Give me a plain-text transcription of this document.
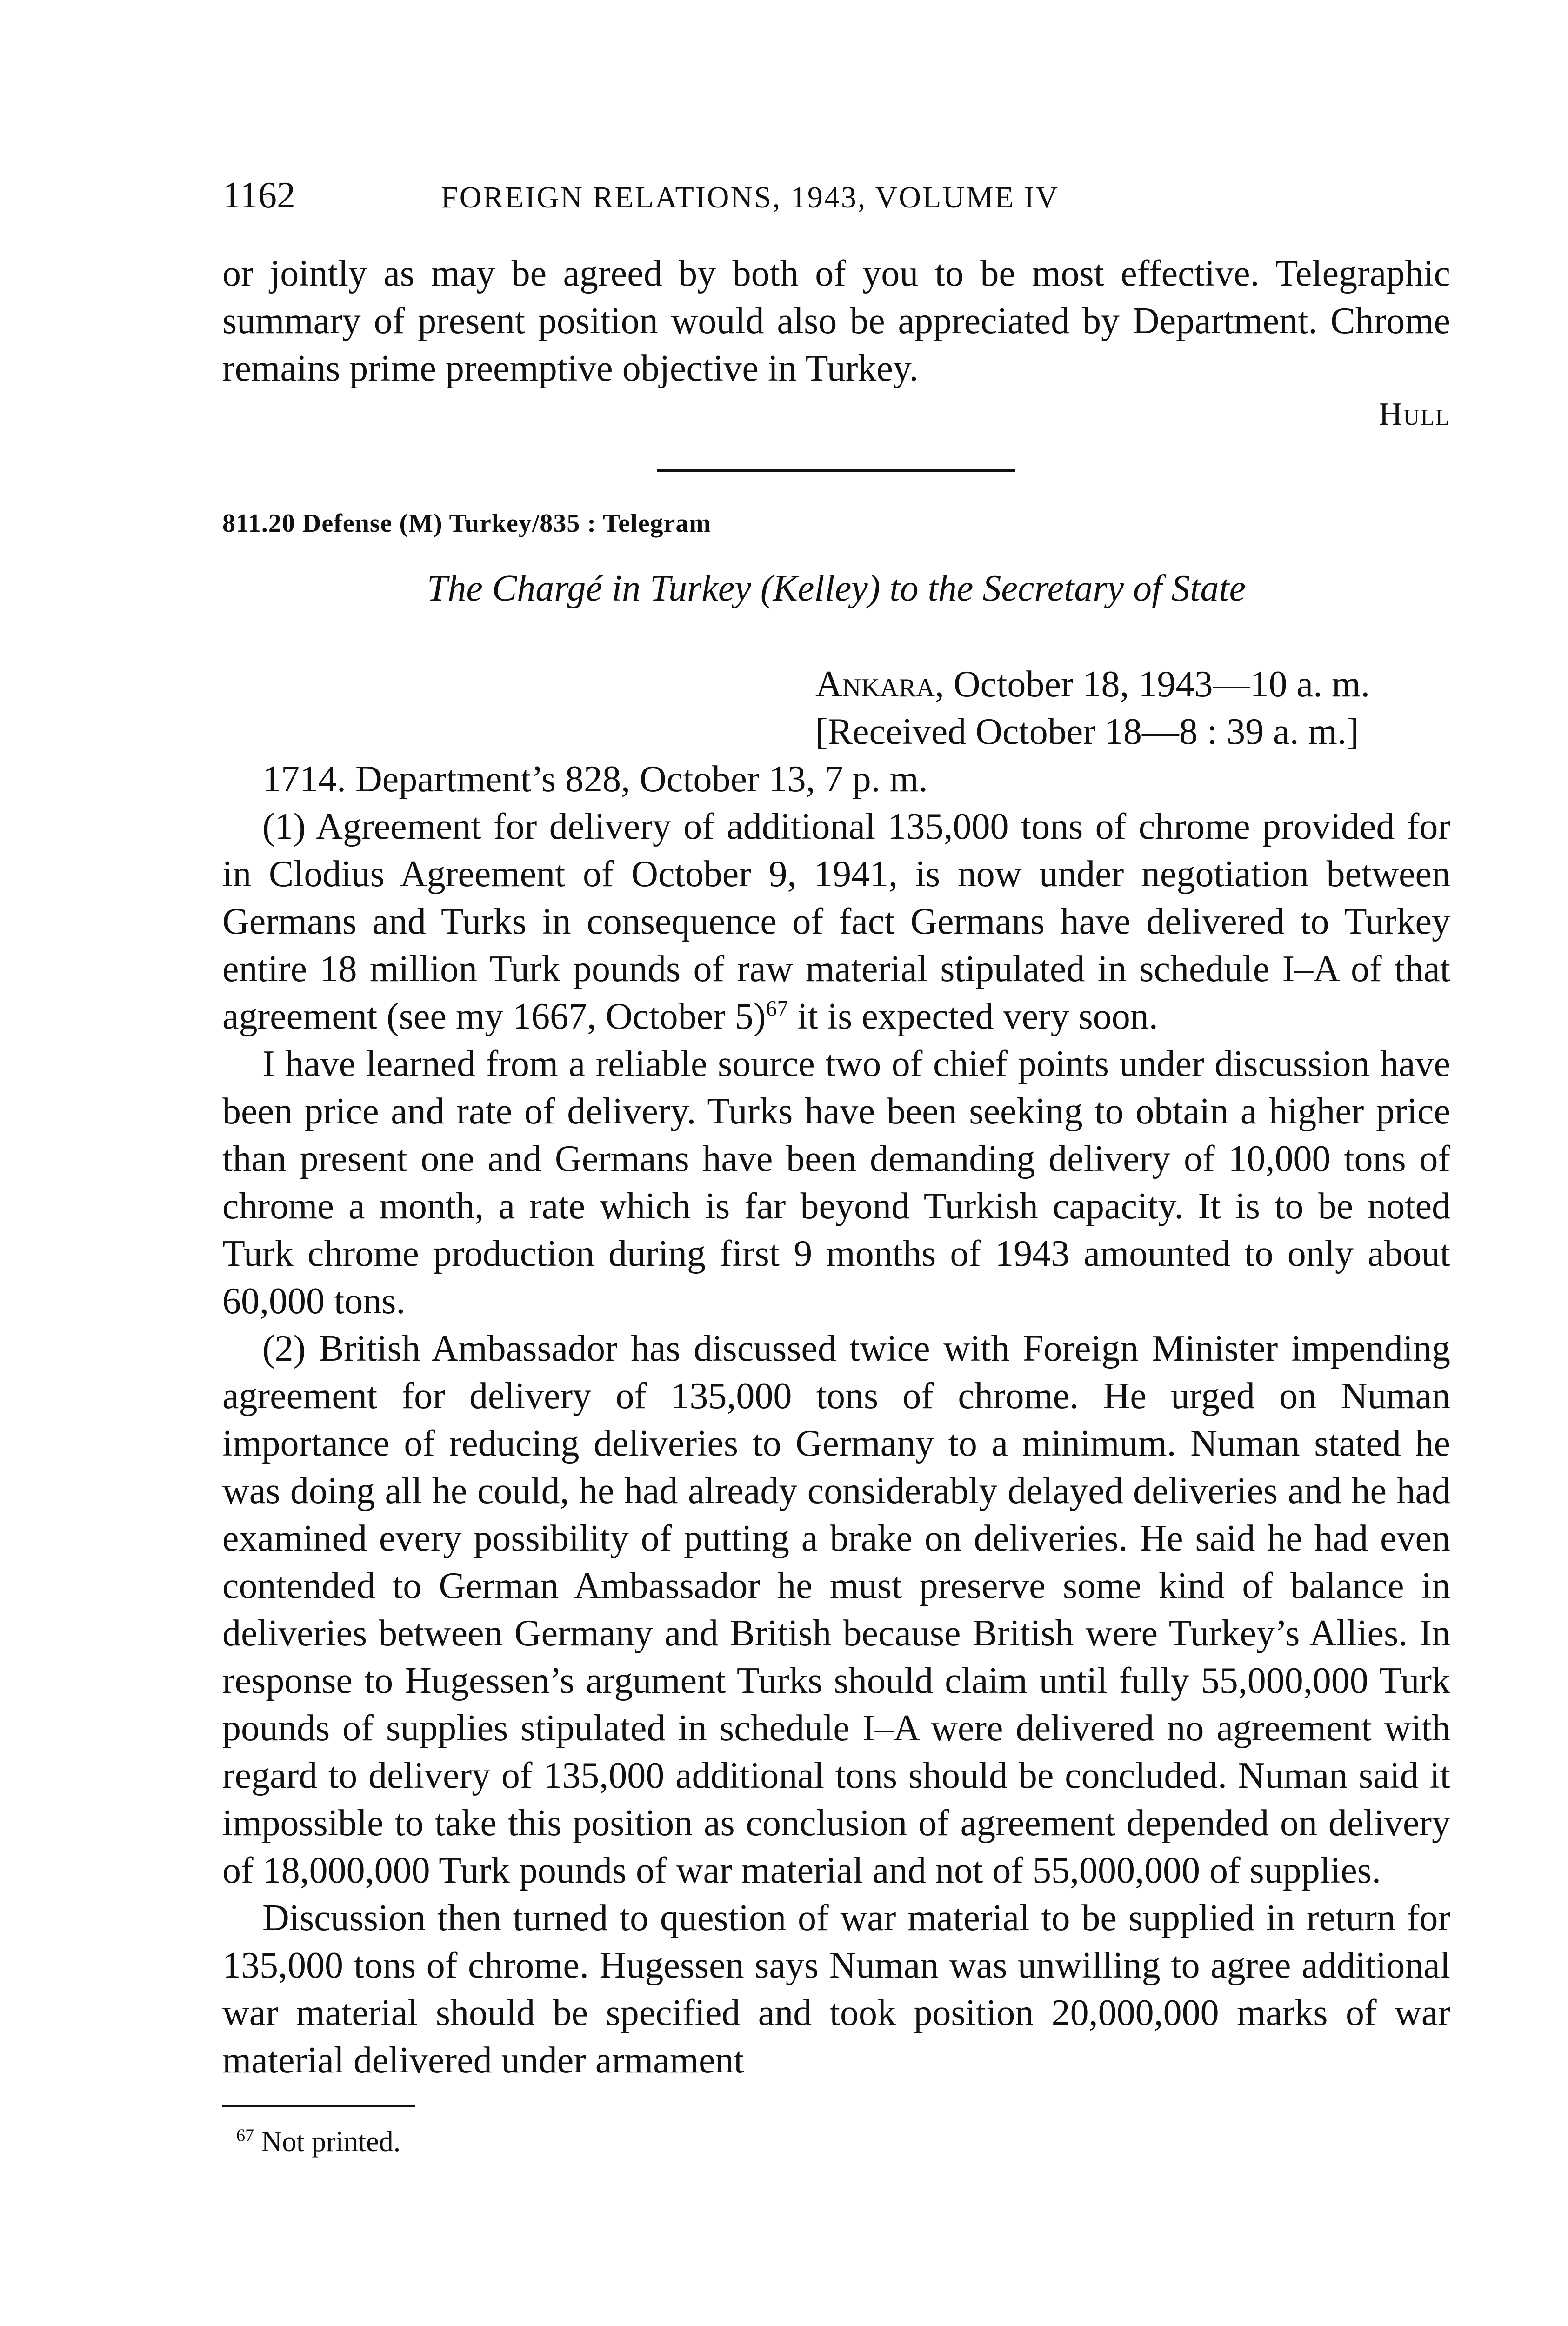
1162	FOREIGN RELATIONS, 1943, VOLUME IV

or jointly as may be agreed by both of you to be most effective. Telegraphic summary of present position would also be appreciated by Department. Chrome remains prime preemptive objective in Turkey.

Hull
811.20 Defense (M) Turkey/835 : Telegram
The Chargé in Turkey (Kelley) to the Secretary of State
Ankara, October 18, 1943—10 a. m.
[Received October 18—8 : 39 a. m.]

1714. Department’s 828, October 13, 7 p. m.

(1) Agreement for delivery of additional 135,000 tons of chrome provided for in Clodius Agreement of October 9, 1941, is now under negotiation between Germans and Turks in consequence of fact Germans have delivered to Turkey entire 18 million Turk pounds of raw material stipulated in schedule I–A of that agreement (see my 1667, October 5)$^{67}$ it is expected very soon.

I have learned from a reliable source two of chief points under discussion have been price and rate of delivery. Turks have been seeking to obtain a higher price than present one and Germans have been demanding delivery of 10,000 tons of chrome a month, a rate which is far beyond Turkish capacity. It is to be noted Turk chrome production during first 9 months of 1943 amounted to only about 60,000 tons.

(2) British Ambassador has discussed twice with Foreign Minister impending agreement for delivery of 135,000 tons of chrome. He urged on Numan importance of reducing deliveries to Germany to a minimum. Numan stated he was doing all he could, he had already considerably delayed deliveries and he had examined every possibility of putting a brake on deliveries. He said he had even contended to German Ambassador he must preserve some kind of balance in deliveries between Germany and British because British were Turkey’s Allies. In response to Hugessen’s argument Turks should claim until fully 55,000,000 Turk pounds of supplies stipulated in schedule I–A were delivered no agreement with regard to delivery of 135,000 additional tons should be concluded. Numan said it impossible to take this position as conclusion of agreement depended on delivery of 18,000,000 Turk pounds of war material and not of 55,000,000 of supplies.

Discussion then turned to question of war material to be supplied in return for 135,000 tons of chrome. Hugessen says Numan was unwilling to agree additional war material should be specified and took position 20,000,000 marks of war material delivered under armament

$^{67}$ Not printed.
